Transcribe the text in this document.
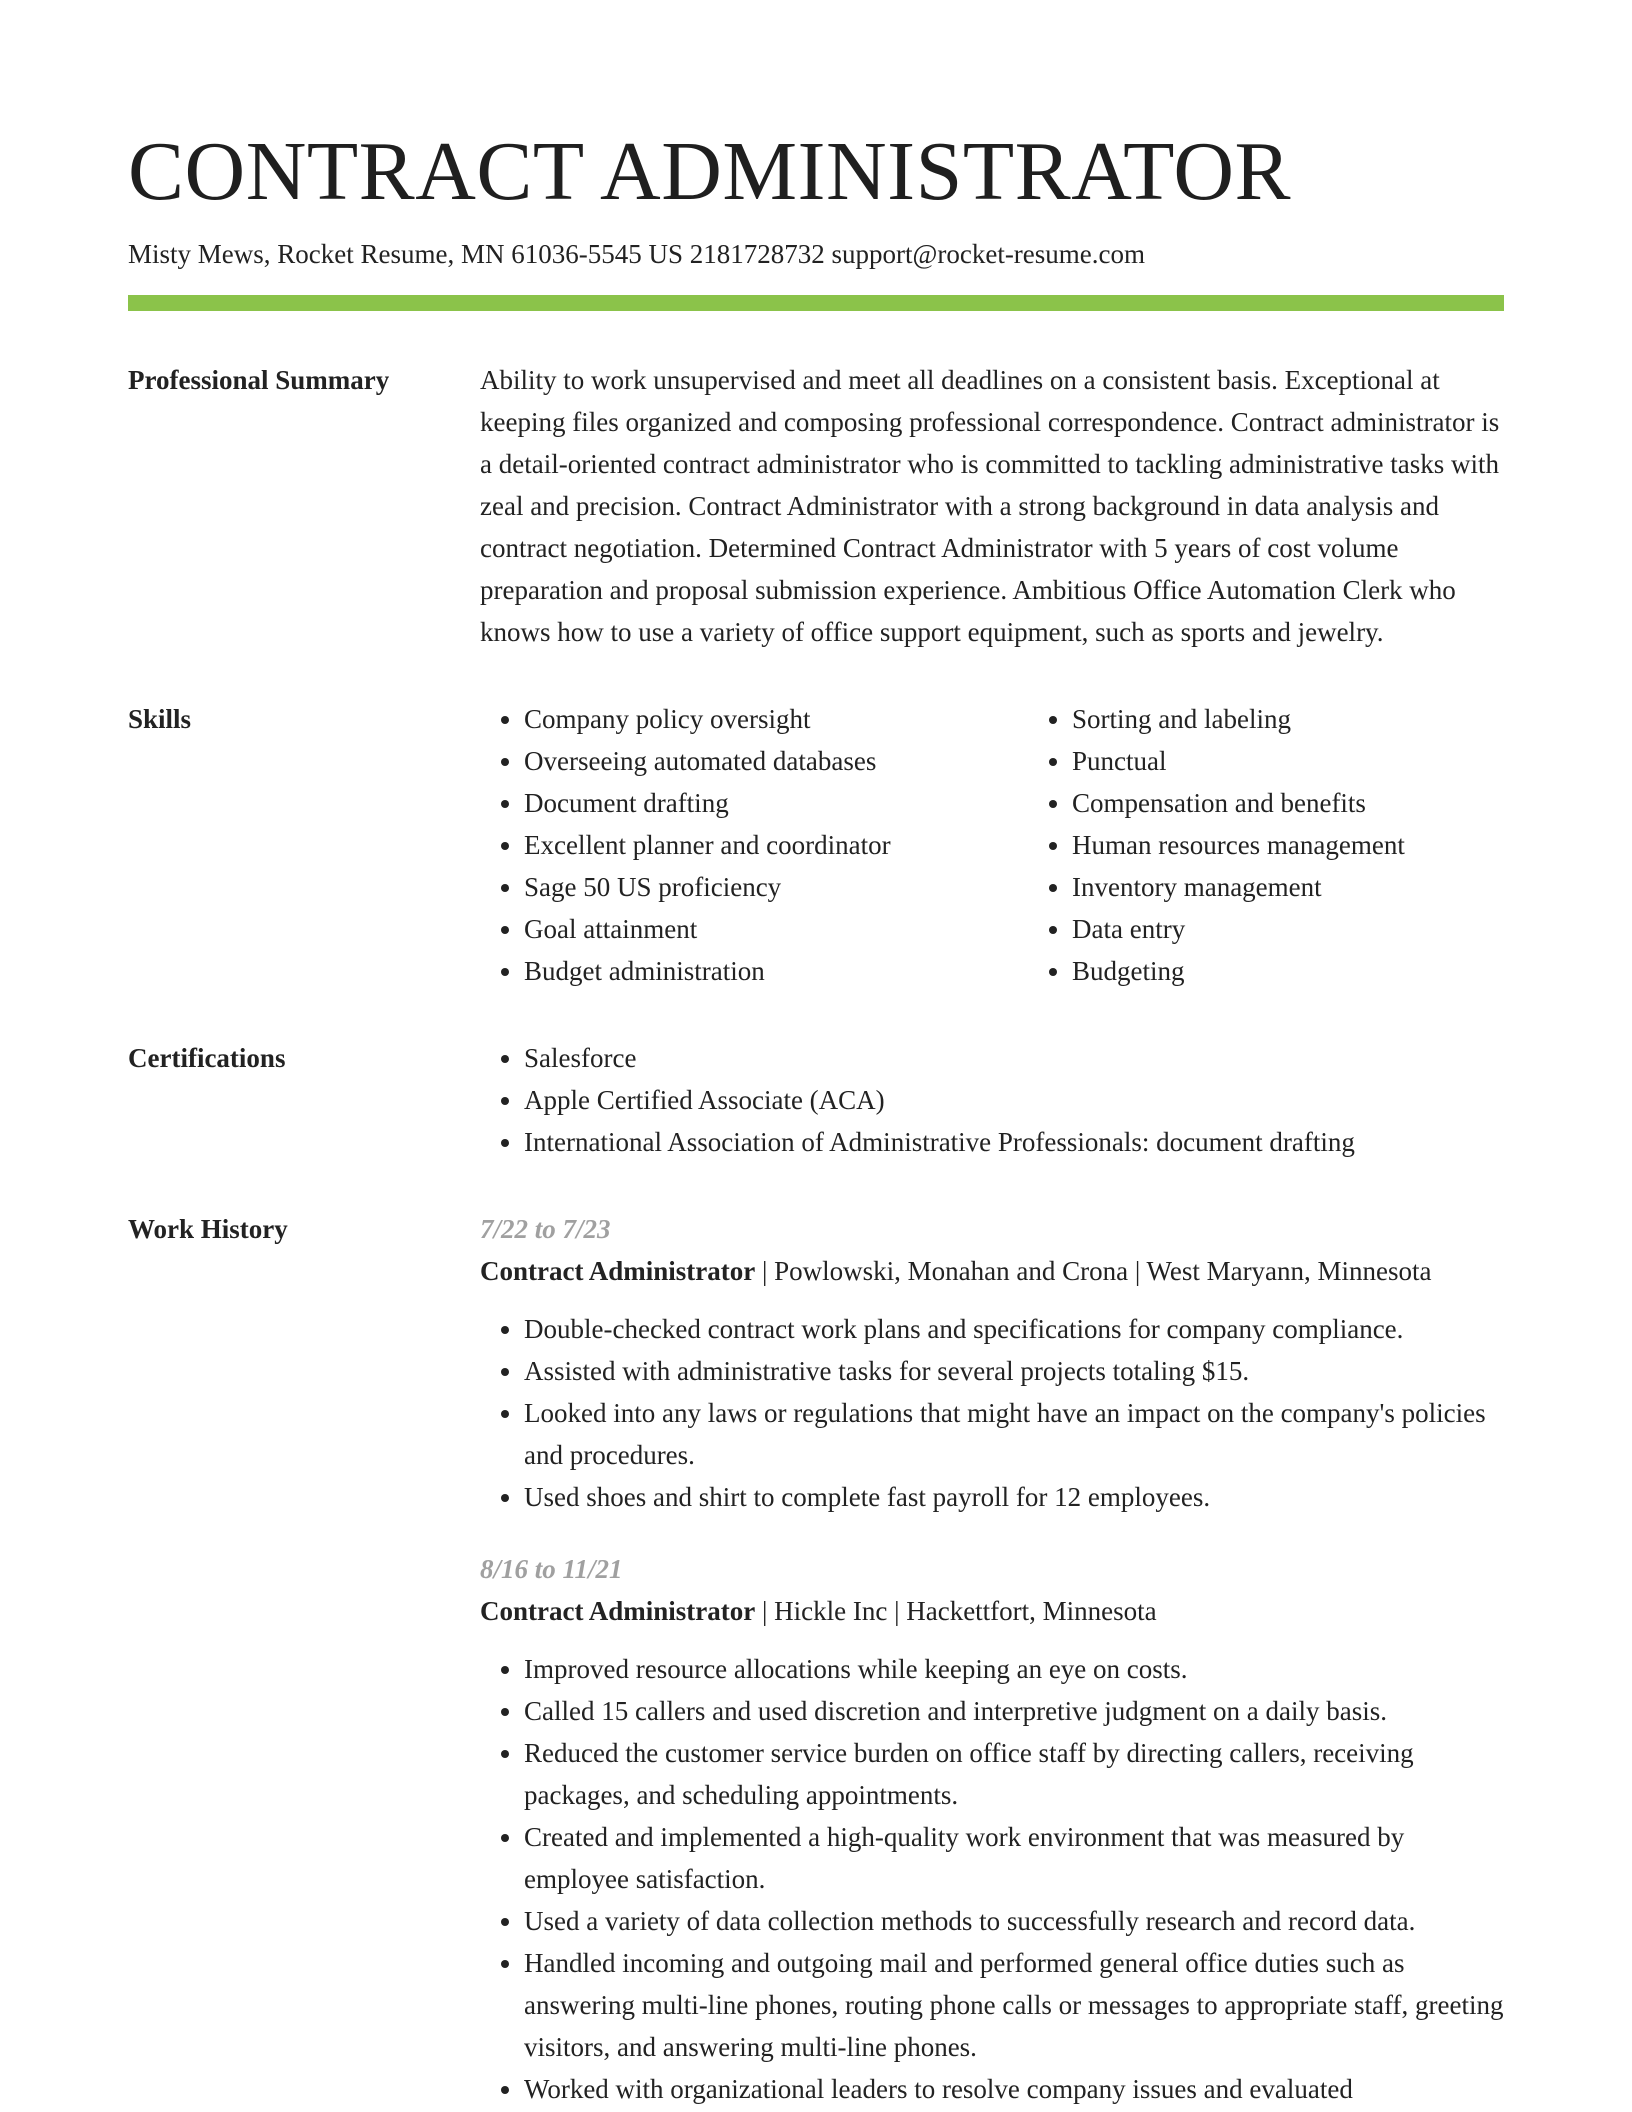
CONTRACT ADMINISTRATOR
Misty Mews, Rocket Resume, MN 61036-5545 US 2181728732 support@rocket-resume.com
Professional Summary	Ability to work unsupervised and meet all deadlines on a consistent basis. Exceptional at keeping files organized and composing professional correspondence. Contract administrator is a detail-oriented contract administrator who is committed to tackling administrative tasks with zeal and precision. Contract Administrator with a strong background in data analysis and contract negotiation. Determined Contract Administrator with 5 years of cost volume preparation and proposal submission experience. Ambitious Office Automation Clerk who knows how to use a variety of office support equipment, such as sports and jewelry.

Skills	• Company policy oversight
• Overseeing automated databases
• Document drafting
• Excellent planner and coordinator
• Sage 50 US proficiency
• Goal attainment
• Budget administration
• Sorting and labeling
• Punctual
• Compensation and benefits
• Human resources management
• Inventory management
• Data entry
• Budgeting
Certifications	• Salesforce
• Apple Certified Associate (ACA)
• International Association of Administrative Professionals: document drafting
Work History	7/22 to 7/23
Contract Administrator | Powlowski, Monahan and Crona | West Maryann, Minnesota
• Double-checked contract work plans and specifications for company compliance.
• Assisted with administrative tasks for several projects totaling $15.
• Looked into any laws or regulations that might have an impact on the company's policies and procedures.
• Used shoes and shirt to complete fast payroll for 12 employees.
8/16 to 11/21
Contract Administrator | Hickle Inc | Hackettfort, Minnesota
• Improved resource allocations while keeping an eye on costs.
• Called 15 callers and used discretion and interpretive judgment on a daily basis.
• Reduced the customer service burden on office staff by directing callers, receiving packages, and scheduling appointments.
• Created and implemented a high-quality work environment that was measured by employee satisfaction.
• Used a variety of data collection methods to successfully research and record data.
• Handled incoming and outgoing mail and performed general office duties such as answering multi-line phones, routing phone calls or messages to appropriate staff, greeting visitors, and answering multi-line phones.
• Worked with organizational leaders to resolve company issues and evaluated
